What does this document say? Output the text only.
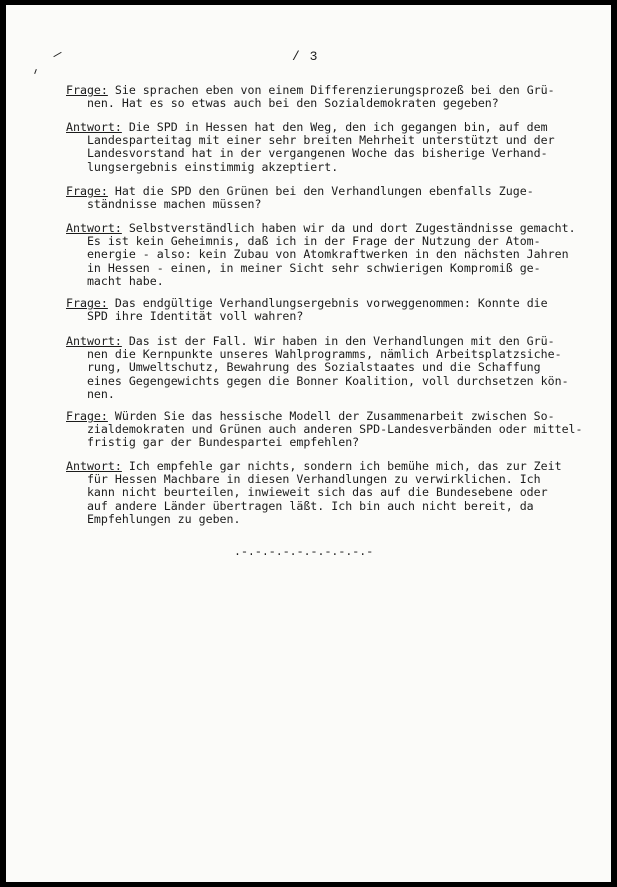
/ 3
Frage: Sie sprachen eben von einem Differenzierungsprozeß bei den Grü-
nen. Hat es so etwas auch bei den Sozialdemokraten gegeben?
Antwort: Die SPD in Hessen hat den Weg, den ich gegangen bin, auf dem
Landesparteitag mit einer sehr breiten Mehrheit unterstützt und der
Landesvorstand hat in der vergangenen Woche das bisherige Verhand-
lungsergebnis einstimmig akzeptiert.
Frage: Hat die SPD den Grünen bei den Verhandlungen ebenfalls Zuge-
ständnisse machen müssen?
Antwort: Selbstverständlich haben wir da und dort Zugeständnisse gemacht.
Es ist kein Geheimnis, daß ich in der Frage der Nutzung der Atom-
energie - also: kein Zubau von Atomkraftwerken in den nächsten Jahren
in Hessen - einen, in meiner Sicht sehr schwierigen Kompromiß ge-
macht habe.
Frage: Das endgültige Verhandlungsergebnis vorweggenommen: Konnte die
SPD ihre Identität voll wahren?
Antwort: Das ist der Fall. Wir haben in den Verhandlungen mit den Grü-
nen die Kernpunkte unseres Wahlprogramms, nämlich Arbeitsplatzsiche-
rung, Umweltschutz, Bewahrung des Sozialstaates und die Schaffung
eines Gegengewichts gegen die Bonner Koalition, voll durchsetzen kön-
nen.
Frage: Würden Sie das hessische Modell der Zusammenarbeit zwischen So-
zialdemokraten und Grünen auch anderen SPD-Landesverbänden oder mittel-
fristig gar der Bundespartei empfehlen?
Antwort: Ich empfehle gar nichts, sondern ich bemühe mich, das zur Zeit
für Hessen Machbare in diesen Verhandlungen zu verwirklichen. Ich
kann nicht beurteilen, inwieweit sich das auf die Bundesebene oder
auf andere Länder übertragen läßt. Ich bin auch nicht bereit, da
Empfehlungen zu geben.
.-.-.-.-.-.-.-.-.-.-
